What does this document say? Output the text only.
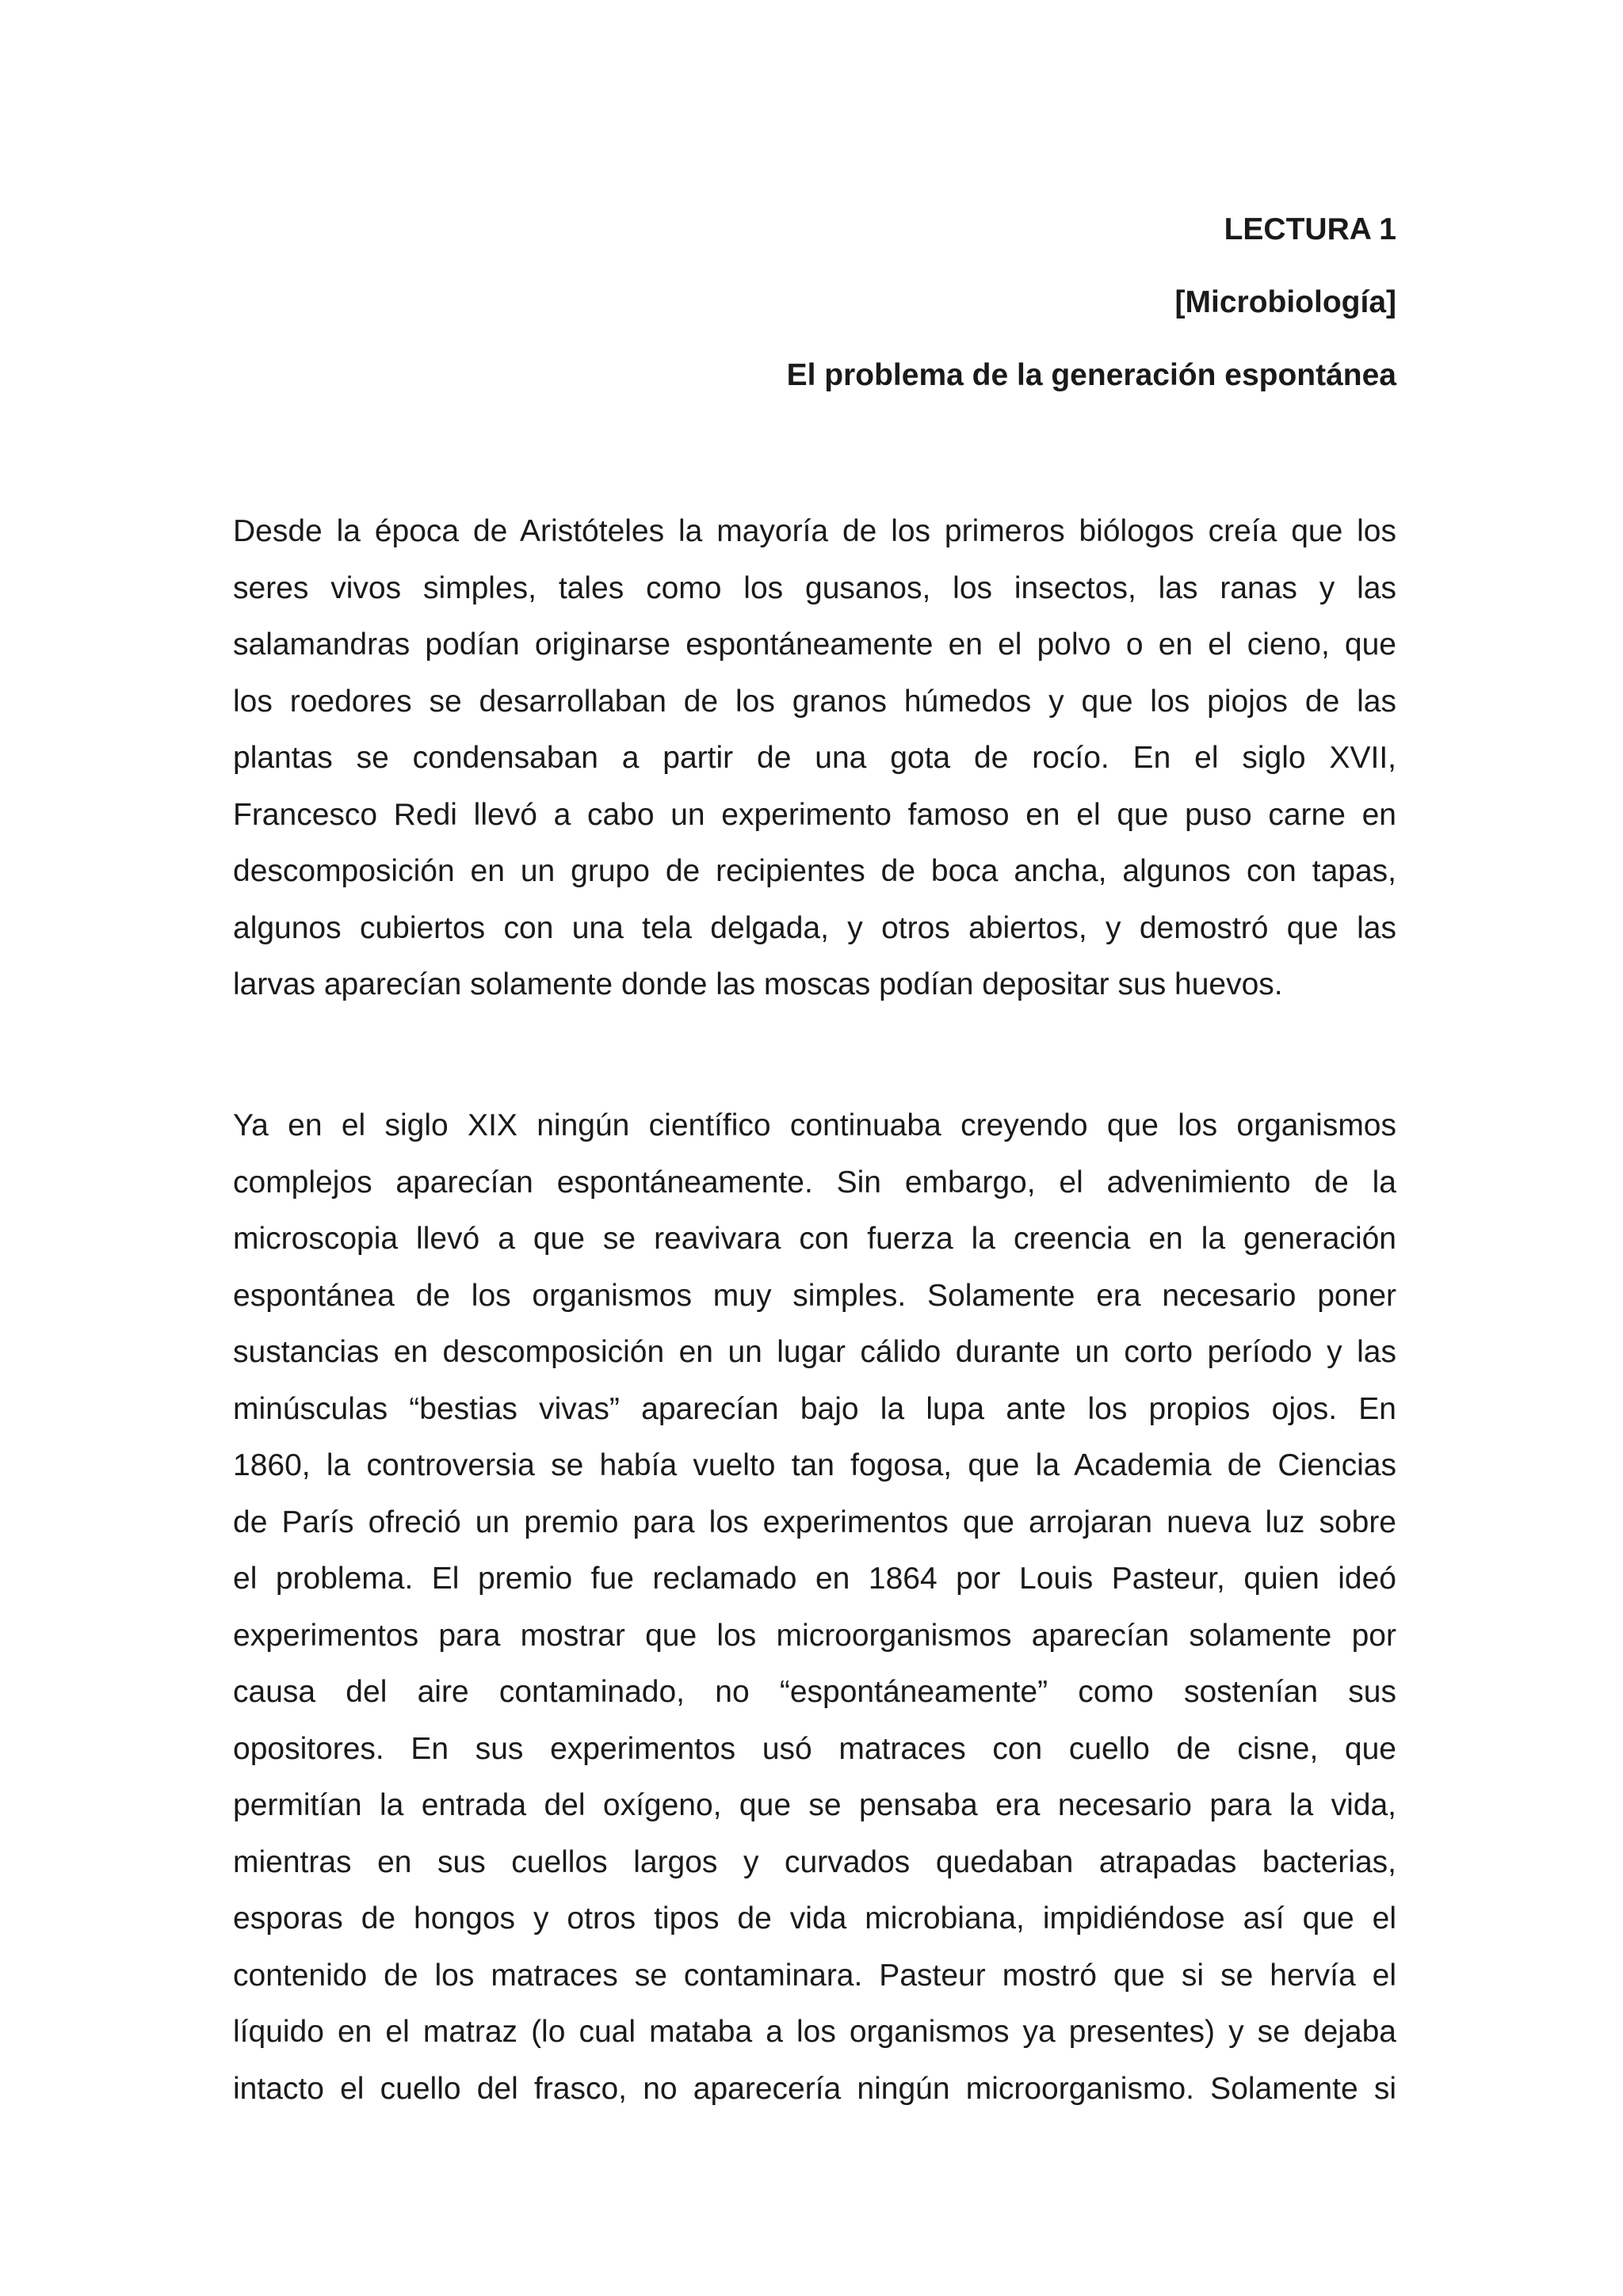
LECTURA 1

[Microbiología]

El problema de la generación espontánea

Desde la época de Aristóteles la mayoría de los primeros biólogos creía que los
seres vivos simples, tales como los gusanos, los insectos, las ranas y las
salamandras podían originarse espontáneamente en el polvo o en el cieno, que
los roedores se desarrollaban de los granos húmedos y que los piojos de las
plantas se condensaban a partir de una gota de rocío. En el siglo XVII,
Francesco Redi llevó a cabo un experimento famoso en el que puso carne en
descomposición en un grupo de recipientes de boca ancha, algunos con tapas,
algunos cubiertos con una tela delgada, y otros abiertos, y demostró que las
larvas aparecían solamente donde las moscas podían depositar sus huevos.
Ya en el siglo XIX ningún científico continuaba creyendo que los organismos
complejos aparecían espontáneamente. Sin embargo, el advenimiento de la
microscopia llevó a que se reavivara con fuerza la creencia en la generación
espontánea de los organismos muy simples. Solamente era necesario poner
sustancias en descomposición en un lugar cálido durante un corto período y las
minúsculas “bestias vivas” aparecían bajo la lupa ante los propios ojos. En
1860, la controversia se había vuelto tan fogosa, que la Academia de Ciencias
de París ofreció un premio para los experimentos que arrojaran nueva luz sobre
el problema. El premio fue reclamado en 1864 por Louis Pasteur, quien ideó
experimentos para mostrar que los microorganismos aparecían solamente por
causa del aire contaminado, no “espontáneamente” como sostenían sus
opositores. En sus experimentos usó matraces con cuello de cisne, que
permitían la entrada del oxígeno, que se pensaba era necesario para la vida,
mientras en sus cuellos largos y curvados quedaban atrapadas bacterias,
esporas de hongos y otros tipos de vida microbiana, impidiéndose así que el
contenido de los matraces se contaminara. Pasteur mostró que si se hervía el
líquido en el matraz (lo cual mataba a los organismos ya presentes) y se dejaba
intacto el cuello del frasco, no aparecería ningún microorganismo. Solamente si
